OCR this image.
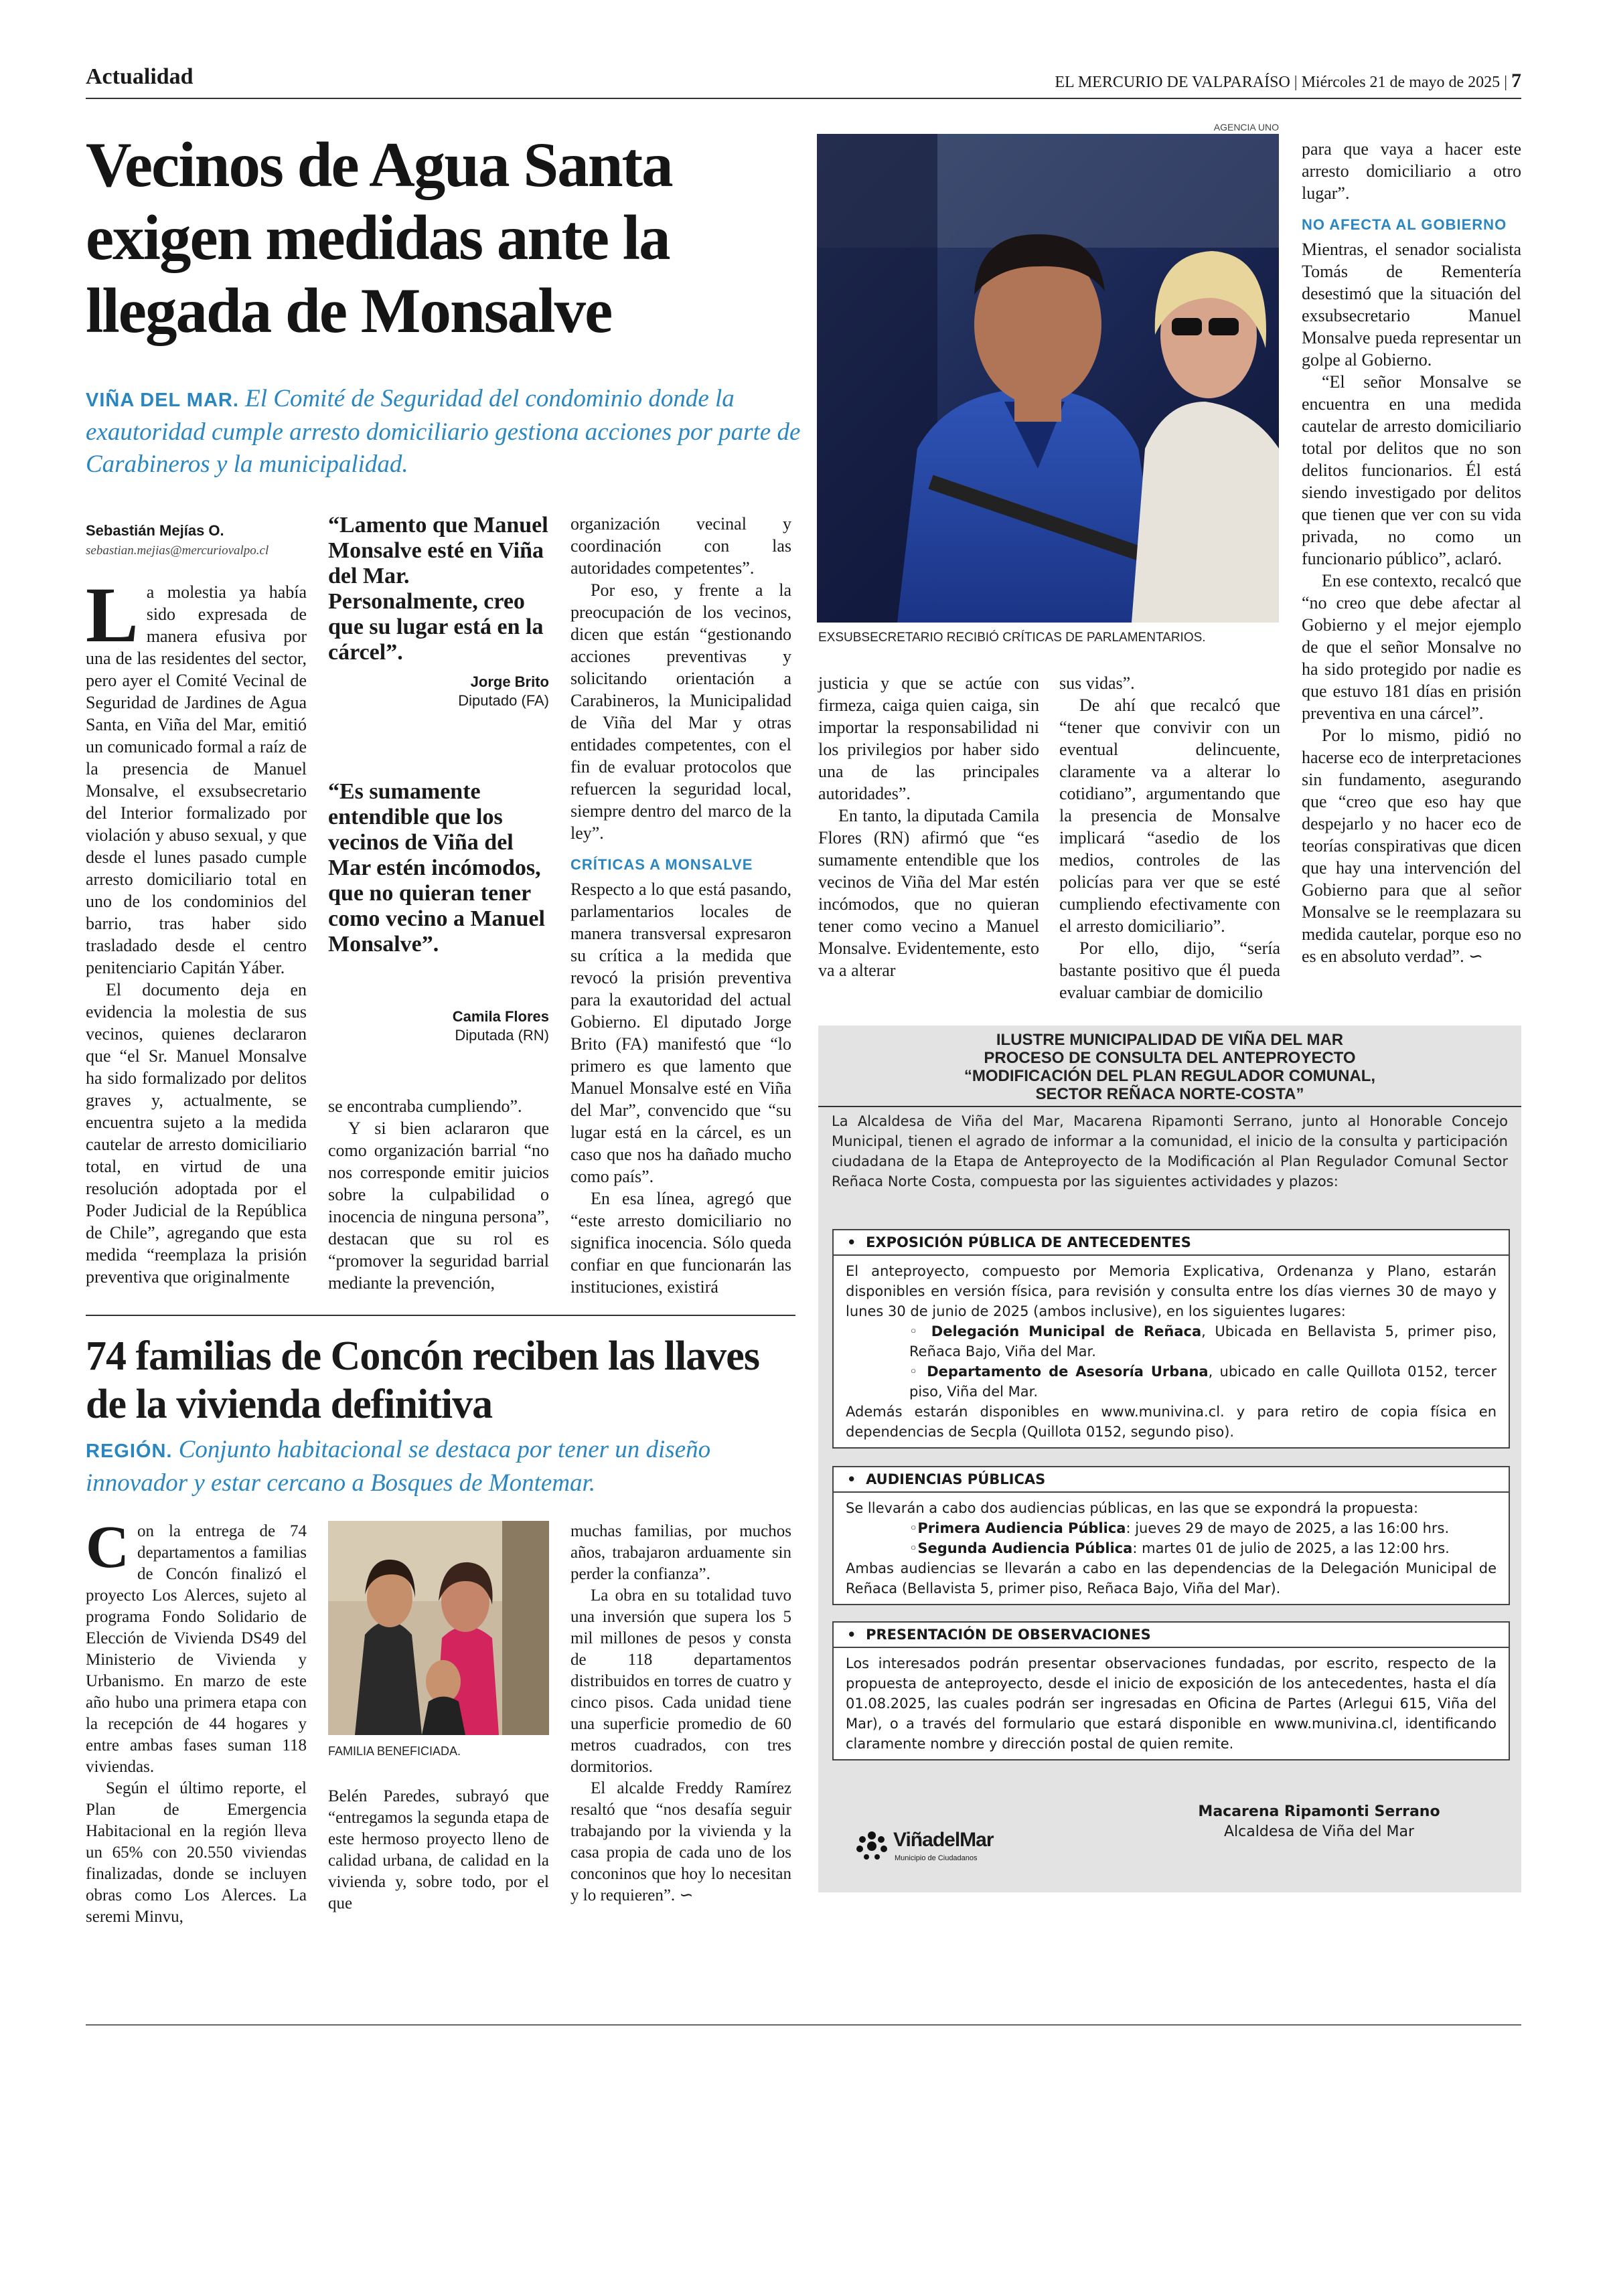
Actualidad	EL MERCURIO DE VALPARAÍSO | Miércoles 21 de mayo de 2025 | 7
Vecinos de Agua Santa exigen medidas ante la llegada de Monsalve
VIÑA DEL MAR. El Comité de Seguridad del condominio donde la exautoridad cumple arresto domiciliario gestiona acciones por parte de Carabineros y la municipalidad.
Sebastián Mejías O.
sebastian.mejias@mercuriovalpo.cl

La molestia ya había sido expresada de manera efusiva por una de las residentes del sector, pero ayer el Comité Vecinal de Seguridad de Jardines de Agua Santa, en Viña del Mar, emitió un comunicado formal a raíz de la presencia de Manuel Monsalve, el exsubsecretario del Interior formalizado por violación y abuso sexual, y que desde el lunes pasado cumple arresto domiciliario total en uno de los condominios del barrio, tras haber sido trasladado desde el centro penitenciario Capitán Yáber.

El documento deja en evidencia la molestia de sus vecinos, quienes declararon que “el Sr. Manuel Monsalve ha sido formalizado por delitos graves y, actualmente, se encuentra sujeto a la medida cautelar de arresto domiciliario total, en virtud de una resolución adoptada por el Poder Judicial de la República de Chile”, agregando que esta medida “reemplaza la prisión preventiva que originalmente

“Lamento que Manuel Monsalve esté en Viña del Mar. Personalmente, creo que su lugar está en la cárcel”.
Jorge Brito
Diputado (FA)
“Es sumamente entendible que los vecinos de Viña del Mar estén incómodos, que no quieran tener como vecino a Manuel Monsalve”.
Camila Flores
Diputada (RN)

se encontraba cumpliendo”.

Y si bien aclararon que como organización barrial “no nos corresponde emitir juicios sobre la culpabilidad o inocencia de ninguna persona”, destacan que su rol es “promover la seguridad barrial mediante la prevención,

organización vecinal y coordinación con las autoridades competentes”.

Por eso, y frente a la preocupación de los vecinos, dicen que están “gestionando acciones preventivas y solicitando orientación a Carabineros, la Municipalidad de Viña del Mar y otras entidades competentes, con el fin de evaluar protocolos que refuercen la seguridad local, siempre dentro del marco de la ley”.

CRÍTICAS A MONSALVE

Respecto a lo que está pasando, parlamentarios locales de manera transversal expresaron su crítica a la medida que revocó la prisión preventiva para la exautoridad del actual Gobierno. El diputado Jorge Brito (FA) manifestó que “lo primero es que lamento que Manuel Monsalve esté en Viña del Mar”, convencido que “su lugar está en la cárcel, es un caso que nos ha dañado mucho como país”.

En esa línea, agregó que “este arresto domiciliario no significa inocencia. Sólo queda confiar en que funcionarán las instituciones, existirá

AGENCIA UNO
EXSUBSECRETARIO RECIBIÓ CRÍTICAS DE PARLAMENTARIOS.

justicia y que se actúe con firmeza, caiga quien caiga, sin importar la responsabilidad ni los privilegios por haber sido una de las principales autoridades”.

En tanto, la diputada Camila Flores (RN) afirmó que “es sumamente entendible que los vecinos de Viña del Mar estén incómodos, que no quieran tener como vecino a Manuel Monsalve. Evidentemente, esto va a alterar

sus vidas”.

De ahí que recalcó que “tener que convivir con un eventual delincuente, claramente va a alterar lo cotidiano”, argumentando que la presencia de Monsalve implicará “asedio de los medios, controles de las policías para ver que se esté cumpliendo efectivamente con el arresto domiciliario”.

Por ello, dijo, “sería bastante positivo que él pueda evaluar cambiar de domicilio

para que vaya a hacer este arresto domiciliario a otro lugar”.

NO AFECTA AL GOBIERNO

Mientras, el senador socialista Tomás de Rementería desestimó que la situación del exsubsecretario Manuel Monsalve pueda representar un golpe al Gobierno.

“El señor Monsalve se encuentra en una medida cautelar de arresto domiciliario total por delitos que no son delitos funcionarios. Él está siendo investigado por delitos que tienen que ver con su vida privada, no como un funcionario público”, aclaró.

En ese contexto, recalcó que “no creo que debe afectar al Gobierno y el mejor ejemplo de que el señor Monsalve no ha sido protegido por nadie es que estuvo 181 días en prisión preventiva en una cárcel”.

Por lo mismo, pidió no hacerse eco de interpretaciones sin fundamento, asegurando que “creo que eso hay que despejarlo y no hacer eco de teorías conspirativas que dicen que hay una intervención del Gobierno para que al señor Monsalve se le reemplazara su medida cautelar, porque eso no es en absoluto verdad”. ∽

74 familias de Concón reciben las llaves de la vivienda definitiva
REGIÓN. Conjunto habitacional se destaca por tener un diseño innovador y estar cercano a Bosques de Montemar.

Con la entrega de 74 departamentos a familias de Concón finalizó el proyecto Los Alerces, sujeto al programa Fondo Solidario de Elección de Vivienda DS49 del Ministerio de Vivienda y Urbanismo. En marzo de este año hubo una primera etapa con la recepción de 44 hogares y entre ambas fases suman 118 viviendas.

Según el último reporte, el Plan de Emergencia Habitacional en la región lleva un 65% con 20.550 viviendas finalizadas, donde se incluyen obras como Los Alerces. La seremi Minvu,

FAMILIA BENEFICIADA.

Belén Paredes, subrayó que “entregamos la segunda etapa de este hermoso proyecto lleno de calidad urbana, de calidad en la vivienda y, sobre todo, por el que

muchas familias, por muchos años, trabajaron arduamente sin perder la confianza”.

La obra en su totalidad tuvo una inversión que supera los 5 mil millones de pesos y consta de 118 departamentos distribuidos en torres de cuatro y cinco pisos. Cada unidad tiene una superficie promedio de 60 metros cuadrados, con tres dormitorios.

El alcalde Freddy Ramírez resaltó que “nos desafía seguir trabajando por la vivienda y la casa propia de cada uno de los conconinos que hoy lo necesitan y lo requieren”. ∽

ILUSTRE MUNICIPALIDAD DE VIÑA DEL MAR
PROCESO DE CONSULTA DEL ANTEPROYECTO
“MODIFICACIÓN DEL PLAN REGULADOR COMUNAL,
SECTOR REÑACA NORTE-COSTA”
La Alcaldesa de Viña del Mar, Macarena Ripamonti Serrano, junto al Honorable Concejo Municipal, tienen el agrado de informar a la comunidad, el inicio de la consulta y participación ciudadana de la Etapa de Anteproyecto de la Modificación al Plan Regulador Comunal Sector Reñaca Norte Costa, compuesta por las siguientes actividades y plazos:
• EXPOSICIÓN PÚBLICA DE ANTECEDENTES
El anteproyecto, compuesto por Memoria Explicativa, Ordenanza y Plano, estarán disponibles en versión física, para revisión y consulta entre los días viernes 30 de mayo y lunes 30 de junio de 2025 (ambos inclusive), en los siguientes lugares:
◦ Delegación Municipal de Reñaca, Ubicada en Bellavista 5, primer piso, Reñaca Bajo, Viña del Mar.
◦ Departamento de Asesoría Urbana, ubicado en calle Quillota 0152, tercer piso, Viña del Mar.
Además estarán disponibles en www.munivina.cl. y para retiro de copia física en dependencias de Secpla (Quillota 0152, segundo piso).
• AUDIENCIAS PÚBLICAS
Se llevarán a cabo dos audiencias públicas, en las que se expondrá la propuesta:
◦Primera Audiencia Pública: jueves 29 de mayo de 2025, a las 16:00 hrs.
◦Segunda Audiencia Pública: martes 01 de julio de 2025, a las 12:00 hrs.
Ambas audiencias se llevarán a cabo en las dependencias de la Delegación Municipal de Reñaca (Bellavista 5, primer piso, Reñaca Bajo, Viña del Mar).
• PRESENTACIÓN DE OBSERVACIONES
Los interesados podrán presentar observaciones fundadas, por escrito, respecto de la propuesta de anteproyecto, desde el inicio de exposición de los antecedentes, hasta el día 01.08.2025, las cuales podrán ser ingresadas en Oficina de Partes (Arlegui 615, Viña del Mar), o a través del formulario que estará disponible en www.munivina.cl, identificando claramente nombre y dirección postal de quien remite.
Macarena Ripamonti Serrano
Alcaldesa de Viña del Mar
ViñadelMar
Municipio de Ciudadanos
